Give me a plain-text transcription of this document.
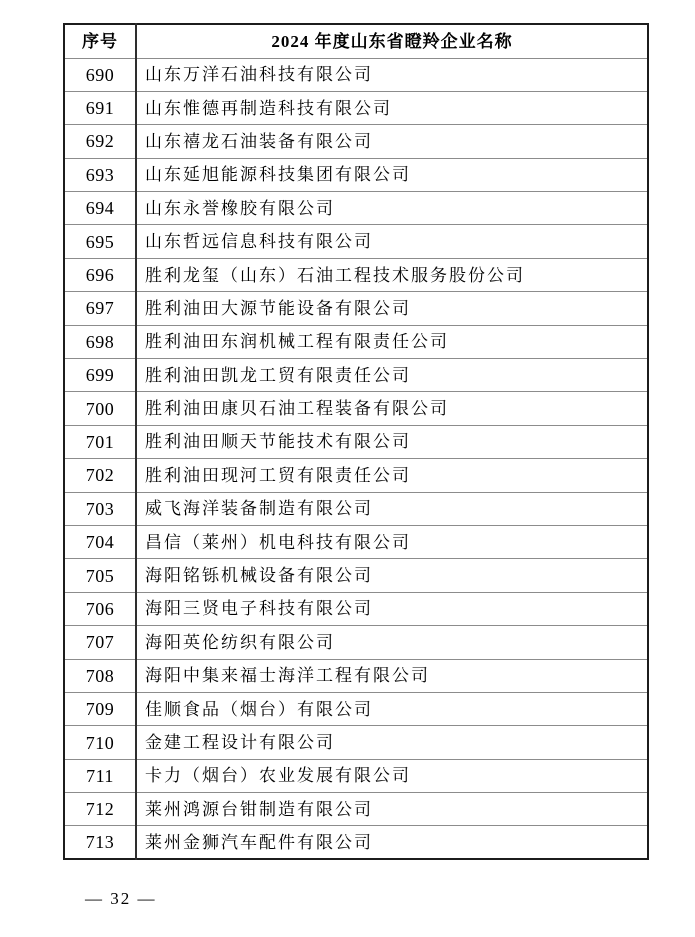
序号	2024 年度山东省瞪羚企业名称
690	山东万洋石油科技有限公司
691	山东惟德再制造科技有限公司
692	山东禧龙石油装备有限公司
693	山东延旭能源科技集团有限公司
694	山东永誉橡胶有限公司
695	山东哲远信息科技有限公司
696	胜利龙玺（山东）石油工程技术服务股份公司
697	胜利油田大源节能设备有限公司
698	胜利油田东润机械工程有限责任公司
699	胜利油田凯龙工贸有限责任公司
700	胜利油田康贝石油工程装备有限公司
701	胜利油田顺天节能技术有限公司
702	胜利油田现河工贸有限责任公司
703	威飞海洋装备制造有限公司
704	昌信（莱州）机电科技有限公司
705	海阳铭铄机械设备有限公司
706	海阳三贤电子科技有限公司
707	海阳英伦纺织有限公司
708	海阳中集来福士海洋工程有限公司
709	佳顺食品（烟台）有限公司
710	金建工程设计有限公司
711	卡力（烟台）农业发展有限公司
712	莱州鸿源台钳制造有限公司
713	莱州金狮汽车配件有限公司
— 32 —
